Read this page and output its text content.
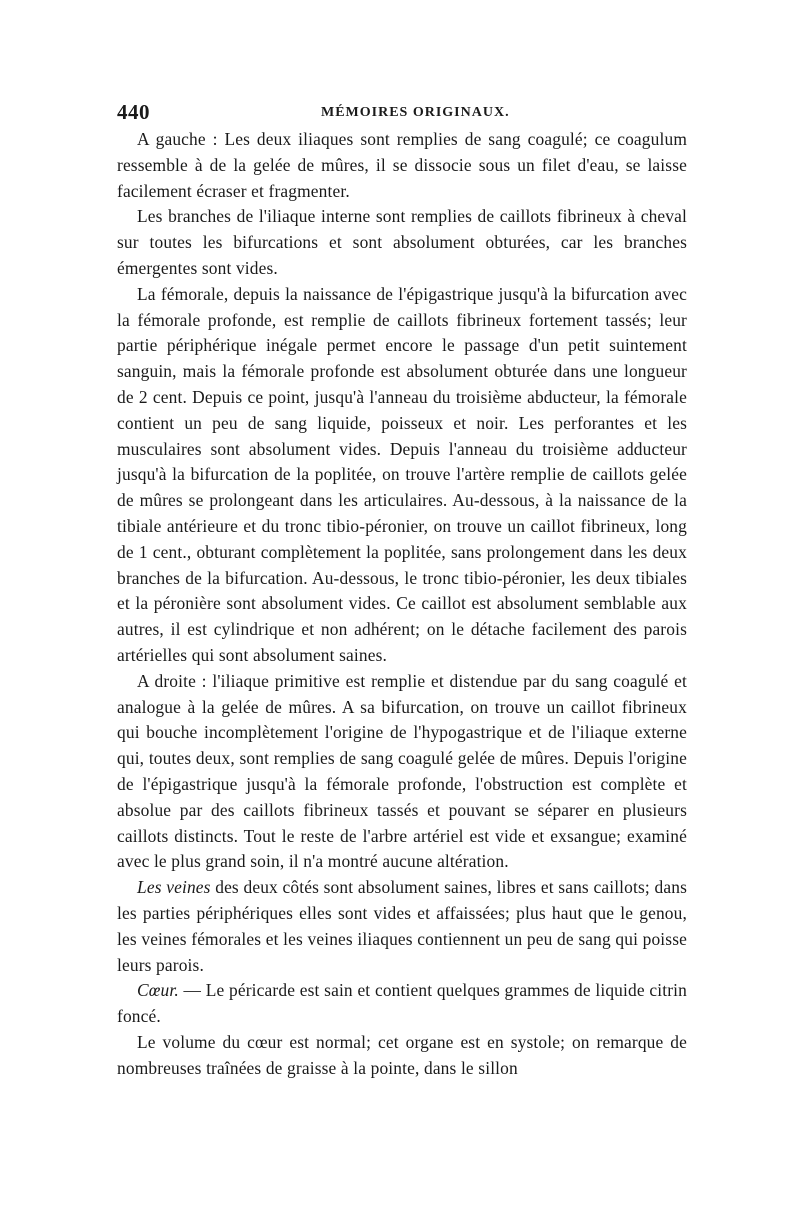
440	MÉMOIRES ORIGINAUX.

A gauche : Les deux iliaques sont remplies de sang coagulé; ce coagulum ressemble à de la gelée de mûres, il se dissocie sous un filet d'eau, se laisse facilement écraser et fragmenter.

Les branches de l'iliaque interne sont remplies de caillots fibrineux à cheval sur toutes les bifurcations et sont absolument obturées, car les branches émergentes sont vides.

La fémorale, depuis la naissance de l'épigastrique jusqu'à la bifurcation avec la fémorale profonde, est remplie de caillots fibrineux fortement tassés; leur partie périphérique inégale permet encore le passage d'un petit suintement sanguin, mais la fémorale profonde est absolument obturée dans une longueur de 2 cent. Depuis ce point, jusqu'à l'anneau du troisième abducteur, la fémorale contient un peu de sang liquide, poisseux et noir. Les perforantes et les musculaires sont absolument vides. Depuis l'anneau du troisième adducteur jusqu'à la bifurcation de la poplitée, on trouve l'artère remplie de caillots gelée de mûres se prolongeant dans les articulaires. Au-dessous, à la naissance de la tibiale antérieure et du tronc tibio-péronier, on trouve un caillot fibrineux, long de 1 cent., obturant complètement la poplitée, sans prolongement dans les deux branches de la bifurcation. Au-dessous, le tronc tibio-péronier, les deux tibiales et la péronière sont absolument vides. Ce caillot est absolument semblable aux autres, il est cylindrique et non adhérent; on le détache facilement des parois artérielles qui sont absolument saines.

A droite : l'iliaque primitive est remplie et distendue par du sang coagulé et analogue à la gelée de mûres. A sa bifurcation, on trouve un caillot fibrineux qui bouche incomplètement l'origine de l'hypogastrique et de l'iliaque externe qui, toutes deux, sont remplies de sang coagulé gelée de mûres. Depuis l'origine de l'épigastrique jusqu'à la fémorale profonde, l'obstruction est complète et absolue par des caillots fibrineux tassés et pouvant se séparer en plusieurs caillots distincts. Tout le reste de l'arbre artériel est vide et exsangue; examiné avec le plus grand soin, il n'a montré aucune altération.

Les veines des deux côtés sont absolument saines, libres et sans caillots; dans les parties périphériques elles sont vides et affaissées; plus haut que le genou, les veines fémorales et les veines iliaques contiennent un peu de sang qui poisse leurs parois.

Cœur. — Le péricarde est sain et contient quelques grammes de liquide citrin foncé.

Le volume du cœur est normal; cet organe est en systole; on remarque de nombreuses traînées de graisse à la pointe, dans le sillon
